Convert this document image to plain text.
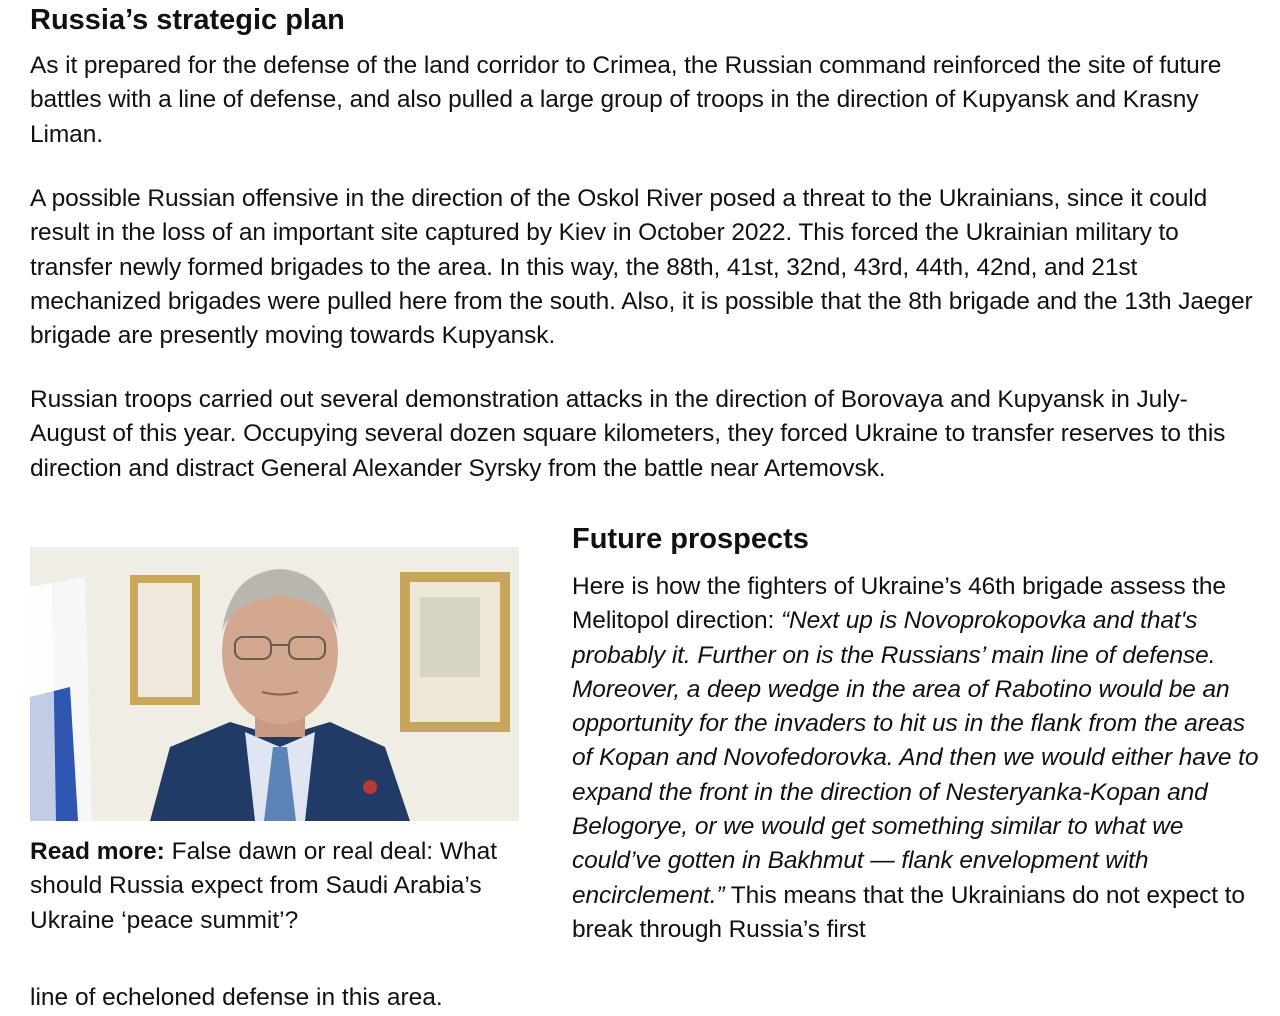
Russia’s strategic plan

As it prepared for the defense of the land corridor to Crimea, the Russian command reinforced the site of future battles with a line of defense, and also pulled a large group of troops in the direction of Kupyansk and Krasny Liman.

A possible Russian offensive in the direction of the Oskol River posed a threat to the Ukrainians, since it could result in the loss of an important site captured by Kiev in October 2022. This forced the Ukrainian military to transfer newly formed brigades to the area. In this way, the 88th, 41st, 32nd, 43rd, 44th, 42nd, and 21st mechanized brigades were pulled here from the south. Also, it is possible that the 8th brigade and the 13th Jaeger brigade are presently moving towards Kupyansk.

Russian troops carried out several demonstration attacks in the direction of Borovaya and Kupyansk in July-August of this year. Occupying several dozen square kilometers, they forced Ukraine to transfer reserves to this direction and distract General Alexander Syrsky from the battle near Artemovsk.

Read more: False dawn or real deal: What should Russia expect from Saudi Arabia’s Ukraine ‘peace summit’?

Future prospects

Here is how the fighters of Ukraine’s 46th brigade assess the Melitopol direction: “Next up is Novoprokopovka and that's probably it. Further on is the Russians’ main line of defense. Moreover, a deep wedge in the area of Rabotino would be an opportunity for the invaders to hit us in the flank from the areas of Kopan and Novofedorovka. And then we would either have to expand the front in the direction of Nesteryanka-Kopan and Belogorye, or we would get something similar to what we could’ve gotten in Bakhmut — flank envelopment with encirclement.” This means that the Ukrainians do not expect to break through Russia’s first

line of echeloned defense in this area.
